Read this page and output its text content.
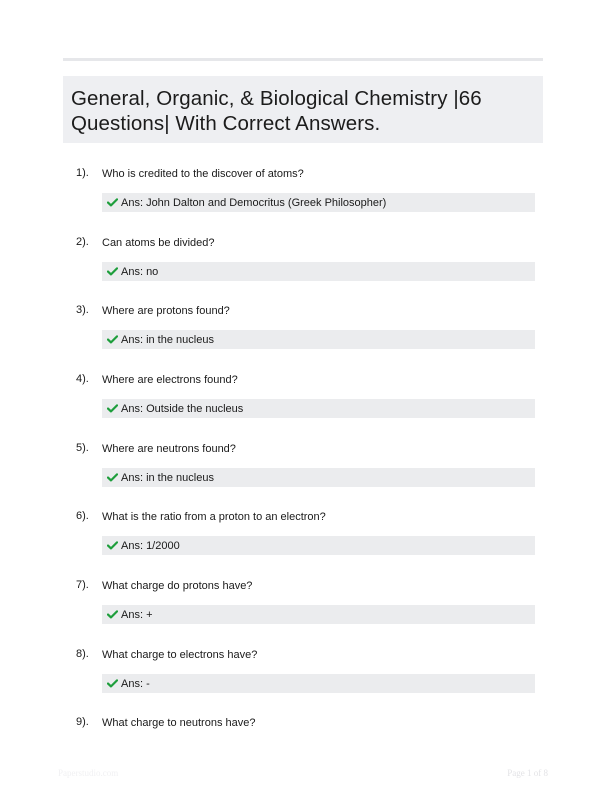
General, Organic, & Biological Chemistry |66 Questions| With Correct Answers.
1). Who is credited to the discover of atoms?
Ans: John Dalton and Democritus (Greek Philosopher)
2). Can atoms be divided?
Ans: no
3). Where are protons found?
Ans: in the nucleus
4). Where are electrons found?
Ans: Outside the nucleus
5). Where are neutrons found?
Ans: in the nucleus
6). What is the ratio from a proton to an electron?
Ans: 1/2000
7). What charge do protons have?
Ans: +
8). What charge to electrons have?
Ans: -
9). What charge to neutrons have?
Paperstudio.com	Page 1 of 8
